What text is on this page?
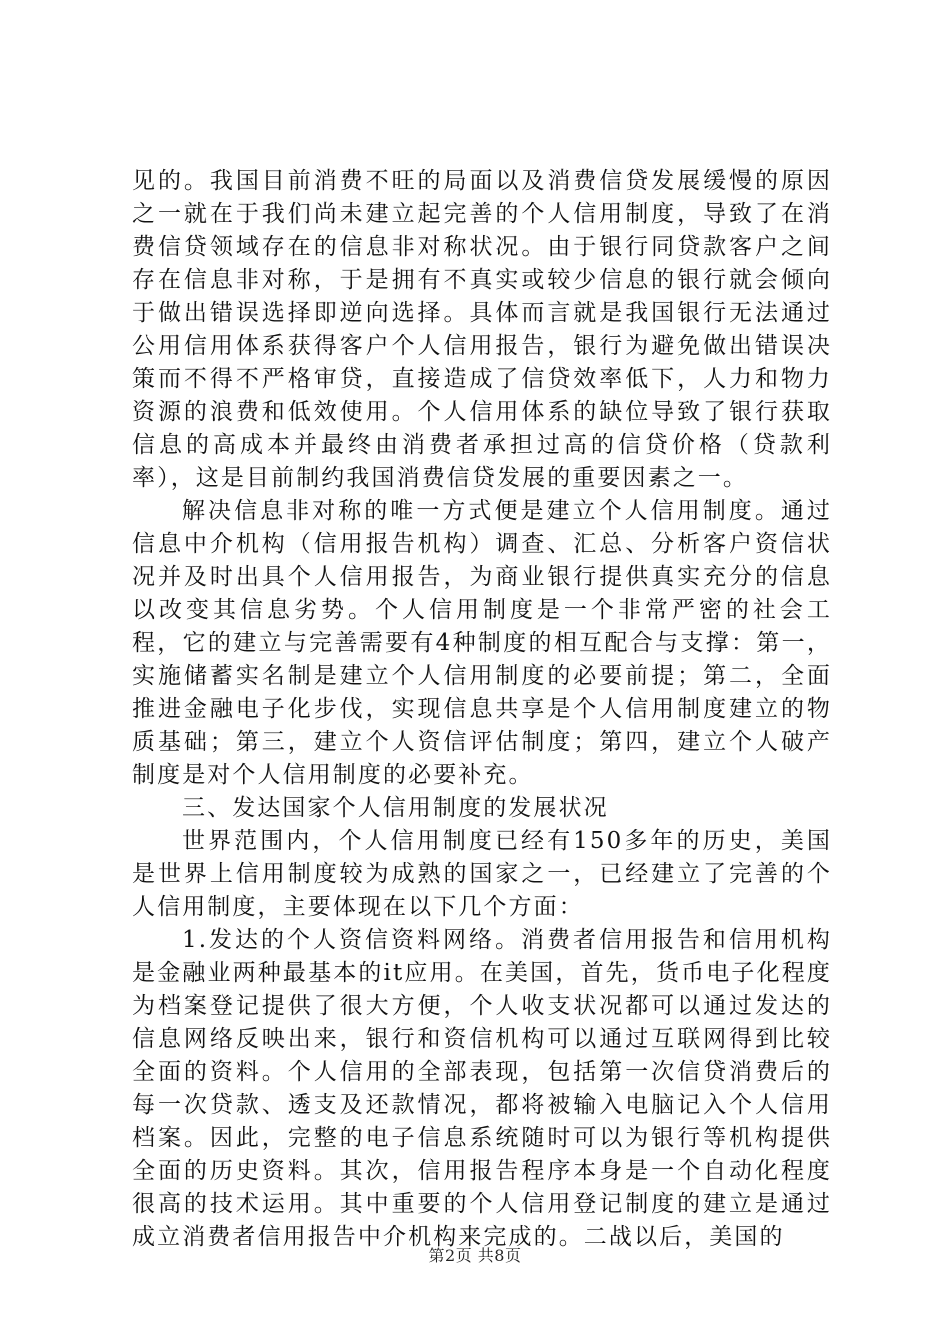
见的。我国目前消费不旺的局面以及消费信贷发展缓慢的原因之一就在于我们尚未建立起完善的个人信用制度，导致了在消费信贷领域存在的信息非对称状况。由于银行同贷款客户之间存在信息非对称，于是拥有不真实或较少信息的银行就会倾向于做出错误选择即逆向选择。具体而言就是我国银行无法通过公用信用体系获得客户个人信用报告，银行为避免做出错误决策而不得不严格审贷，直接造成了信贷效率低下，人力和物力资源的浪费和低效使用。个人信用体系的缺位导致了银行获取信息的高成本并最终由消费者承担过高的信贷价格（贷款利率），这是目前制约我国消费信贷发展的重要因素之一。

解决信息非对称的唯一方式便是建立个人信用制度。通过信息中介机构（信用报告机构）调查、汇总、分析客户资信状况并及时出具个人信用报告，为商业银行提供真实充分的信息以改变其信息劣势。个人信用制度是一个非常严密的社会工程，它的建立与完善需要有4种制度的相互配合与支撑：第一，实施储蓄实名制是建立个人信用制度的必要前提；第二，全面推进金融电子化步伐，实现信息共享是个人信用制度建立的物质基础；第三，建立个人资信评估制度；第四，建立个人破产制度是对个人信用制度的必要补充。

三、发达国家个人信用制度的发展状况

世界范围内，个人信用制度已经有150多年的历史，美国是世界上信用制度较为成熟的国家之一，已经建立了完善的个人信用制度，主要体现在以下几个方面：

1.发达的个人资信资料网络。消费者信用报告和信用机构是金融业两种最基本的it应用。在美国，首先，货币电子化程度为档案登记提供了很大方便，个人收支状况都可以通过发达的信息网络反映出来，银行和资信机构可以通过互联网得到比较全面的资料。个人信用的全部表现，包括第一次信贷消费后的每一次贷款、透支及还款情况，都将被输入电脑记入个人信用档案。因此，完整的电子信息系统随时可以为银行等机构提供全面的历史资料。其次，信用报告程序本身是一个自动化程度很高的技术运用。其中重要的个人信用登记制度的建立是通过成立消费者信用报告中介机构来完成的。二战以后，美国的

第2页 共8页
